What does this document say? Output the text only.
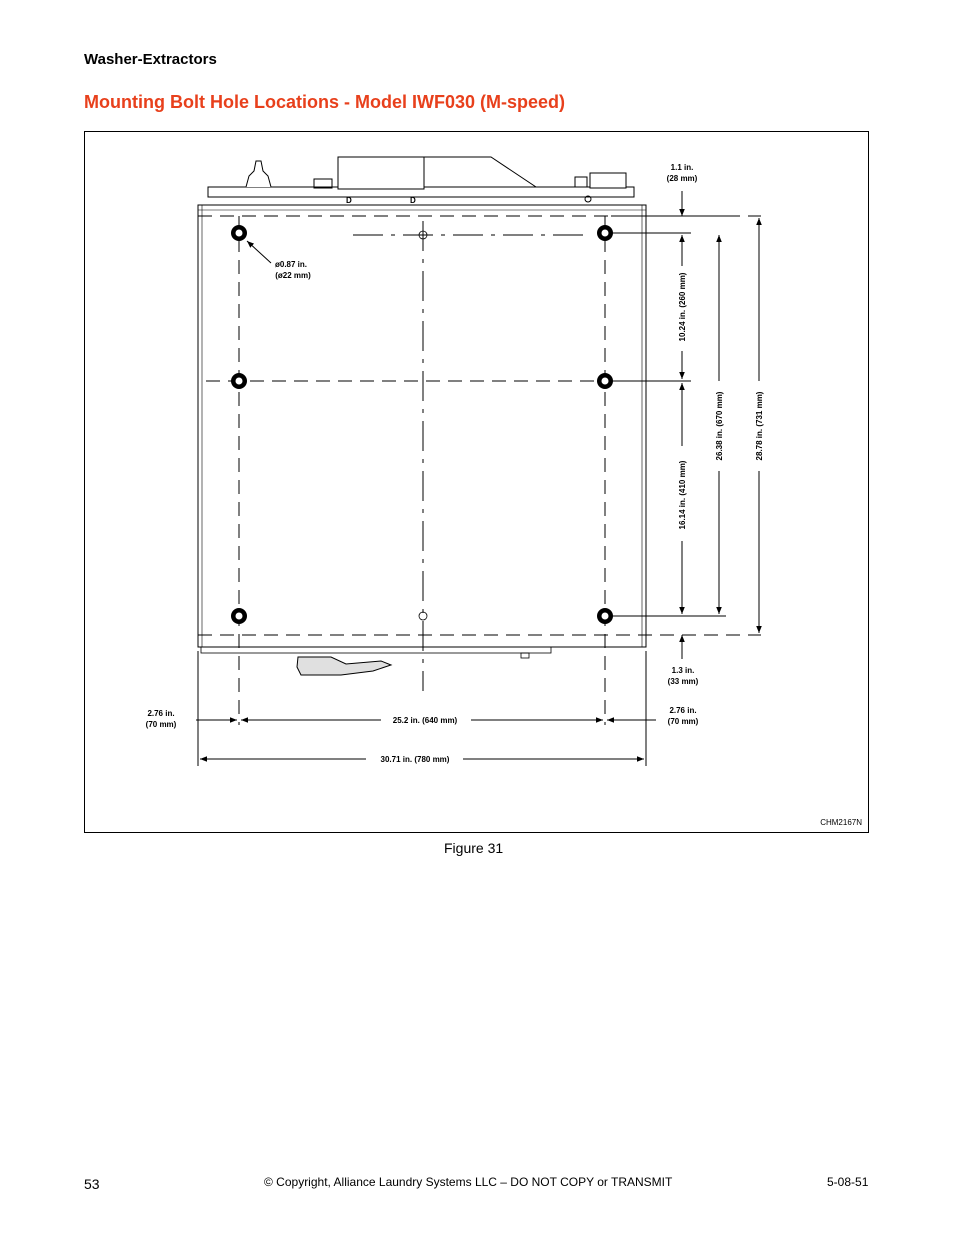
Washer-Extractors
Mounting Bolt Hole Locations - Model IWF030 (M-speed)
D	D
ø0.87 in.
(ø22 mm)
1.1 in.
(28 mm)
1.3 in.
(33 mm)
10.24 in. (260 mm)
16.14 in. (410 mm)
26.38 in. (670 mm)	28.78 in. (731 mm)
2.76 in.
(70 mm)
2.76 in.
(70 mm)
25.2 in. (640 mm)
30.71 in. (780 mm)
CHM2167N
Figure 31
53	© Copyright, Alliance Laundry Systems LLC – DO NOT COPY or TRANSMIT	5-08-51
